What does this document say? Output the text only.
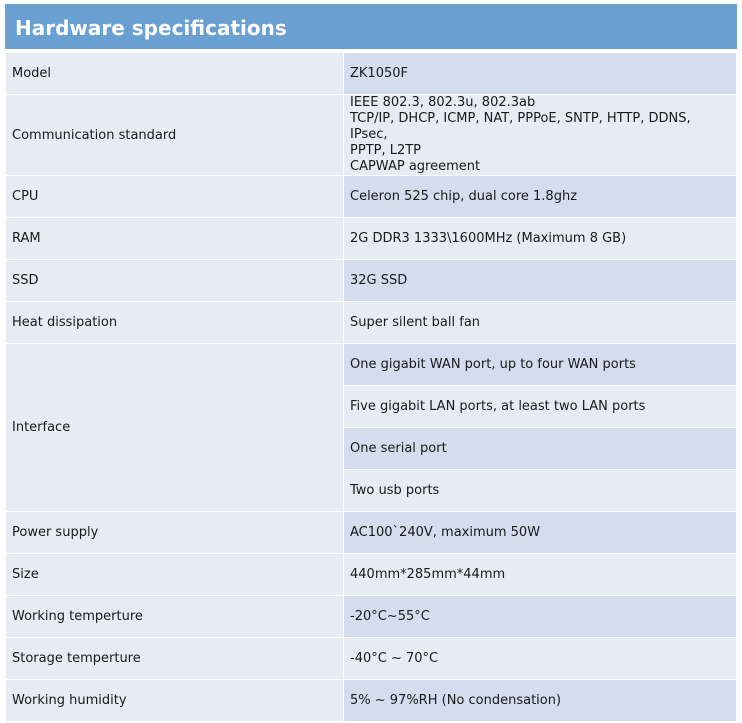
Hardware specifications
Model	ZK1050F
Communication standard	IEEE 802.3, 802.3u, 802.3ab
TCP/IP, DHCP, ICMP, NAT, PPPoE, SNTP, HTTP, DDNS, IPsec,
PPTP, L2TP
CAPWAP agreement

CPU	Celeron 525 chip, dual core 1.8ghz
RAM	2G DDR3 1333\1600MHz (Maximum 8 GB)
SSD	32G SSD
Heat dissipation	Super silent ball fan
Interface	One gigabit WAN port, up to four WAN ports
	Five gigabit LAN ports, at least two LAN ports
	One serial port
	Two usb ports
Power supply	AC100`240V, maximum 50W
Size	440mm*285mm*44mm
Working temperture	-20°C~55°C
Storage temperture	-40°C ~ 70°C
Working humidity	5% ~ 97%RH (No condensation)
